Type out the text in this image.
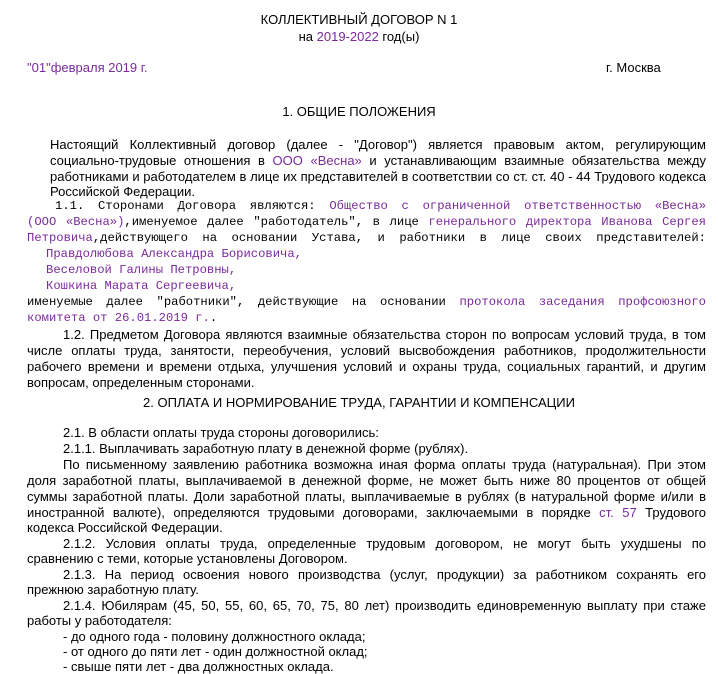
КОЛЛЕКТИВНЫЙ ДОГОВОР N 1
на 2019-2022 год(ы)
"01"февраля 2019 г.	г. Москва
1. ОБЩИЕ ПОЛОЖЕНИЯ
Настоящий Коллективный договор (далее - "Договор") является правовым актом, регулирующим
социально-трудовые отношения в ООО «Весна» и устанавливающим взаимные обязательства между
работниками и работодателем в лице их представителей в соответствии со ст. ст. 40 - 44 Трудового кодекса
Российской Федерации.
1.1. Сторонами Договора являются: Общество с ограниченной ответственностью «Весна»
(ООО «Весна»),именуемое далее "работодатель", в лице генерального директора Иванова Сергея
Петровича,действующего на основании Устава, и работники в лице своих представителей:
Правдолюбова Александра Борисовича,
Веселовой Галины Петровны,
Кошкина Марата Сергеевича,
именуемые далее "работники", действующие на основании протокола заседания профсоюзного
комитета от 26.01.2019 г..
1.2. Предметом Договора являются взаимные обязательства сторон по вопросам условий труда, в том
числе оплаты труда, занятости, переобучения, условий высвобождения работников, продолжительности
рабочего времени и времени отдыха, улучшения условий и охраны труда, социальных гарантий, и другим
вопросам, определенным сторонами.
2. ОПЛАТА И НОРМИРОВАНИЕ ТРУДА, ГАРАНТИИ И КОМПЕНСАЦИИ
2.1. В области оплаты труда стороны договорились:
2.1.1. Выплачивать заработную плату в денежной форме (рублях).
По письменному заявлению работника возможна иная форма оплаты труда (натуральная). При этом
доля заработной платы, выплачиваемой в денежной форме, не может быть ниже 80 процентов от общей
суммы заработной платы. Доли заработной платы, выплачиваемые в рублях (в натуральной форме и/или в
иностранной валюте), определяются трудовыми договорами, заключаемыми в порядке ст. 57 Трудового
кодекса Российской Федерации.
2.1.2. Условия оплаты труда, определенные трудовым договором, не могут быть ухудшены по
сравнению с теми, которые установлены Договором.
2.1.3. На период освоения нового производства (услуг, продукции) за работником сохранять его
прежнюю заработную плату.
2.1.4. Юбилярам (45, 50, 55, 60, 65, 70, 75, 80 лет) производить единовременную выплату при стаже
работы у работодателя:
- до одного года - половину должностного оклада;
- от одного до пяти лет - один должностной оклад;
- свыше пяти лет - два должностных оклада.
